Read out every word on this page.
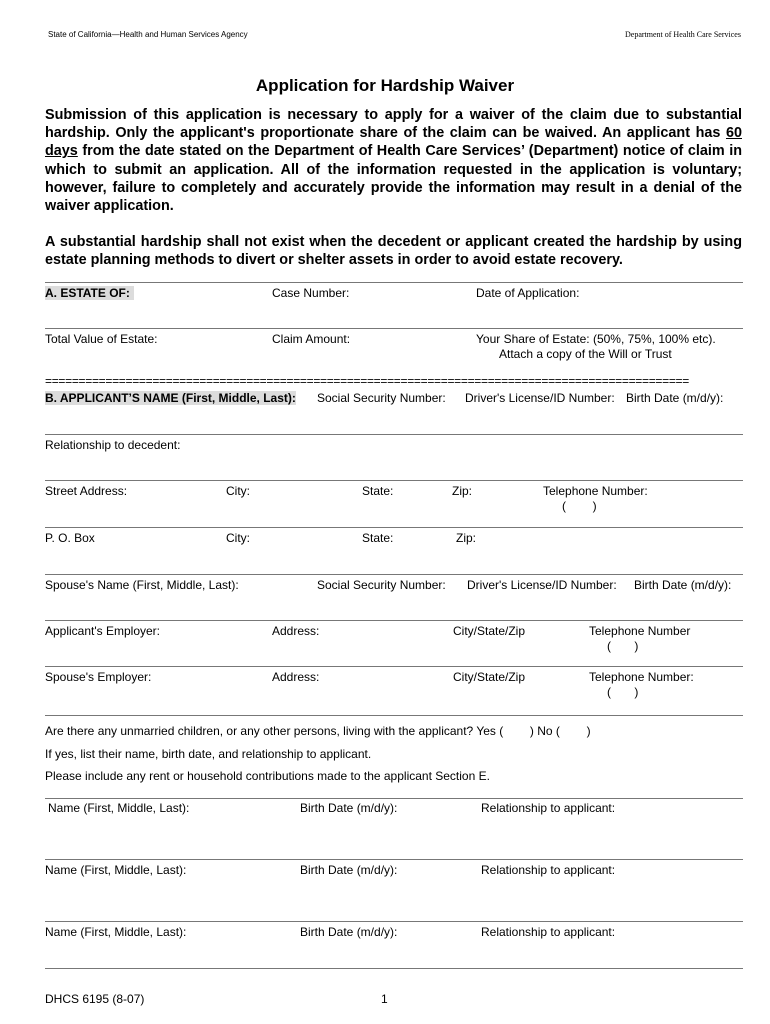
State of California—Health and Human Services Agency	Department of Health Care Services
Application for Hardship Waiver
Submission of this application is necessary to apply for a waiver of the claim due to substantial hardship. Only the applicant's proportionate share of the claim can be waived. An applicant has 60 days from the date stated on the Department of Health Care Services’ (Department) notice of claim in which to submit an application. All of the information requested in the application is voluntary; however, failure to completely and accurately provide the information may result in a denial of the waiver application.
A substantial hardship shall not exist when the decedent or applicant created the hardship by using estate planning methods to divert or shelter assets in order to avoid estate recovery.
A. ESTATE OF:	Case Number:	Date of Application:
Total Value of Estate:	Claim Amount:	Your Share of Estate: (50%, 75%, 100% etc).
Attach a copy of the Will or Trust
================================================================================================
B. APPLICANT’S NAME (First, Middle, Last): Social Security Number: Driver's License/ID Number: Birth Date (m/d/y):
Relationship to decedent:
Street Address:	City:	State:	Zip:	Telephone Number:
(        )
P. O. Box	City:	State:	Zip:
Spouse's Name (First, Middle, Last):	Social Security Number: Driver's License/ID Number: Birth Date (m/d/y):
Applicant's Employer:	Address:	City/State/Zip	Telephone Number
(       )
Spouse's Employer:	Address:	City/State/Zip	Telephone Number:
(       )
Are there any unmarried children, or any other persons, living with the applicant? Yes (        ) No (        )
If yes, list their name, birth date, and relationship to applicant.
Please include any rent or household contributions made to the applicant Section E.
Name (First, Middle, Last):	Birth Date (m/d/y):	Relationship to applicant:
Name (First, Middle, Last):	Birth Date (m/d/y):	Relationship to applicant:
Name (First, Middle, Last):	Birth Date (m/d/y):	Relationship to applicant:
DHCS 6195 (8-07)	1
